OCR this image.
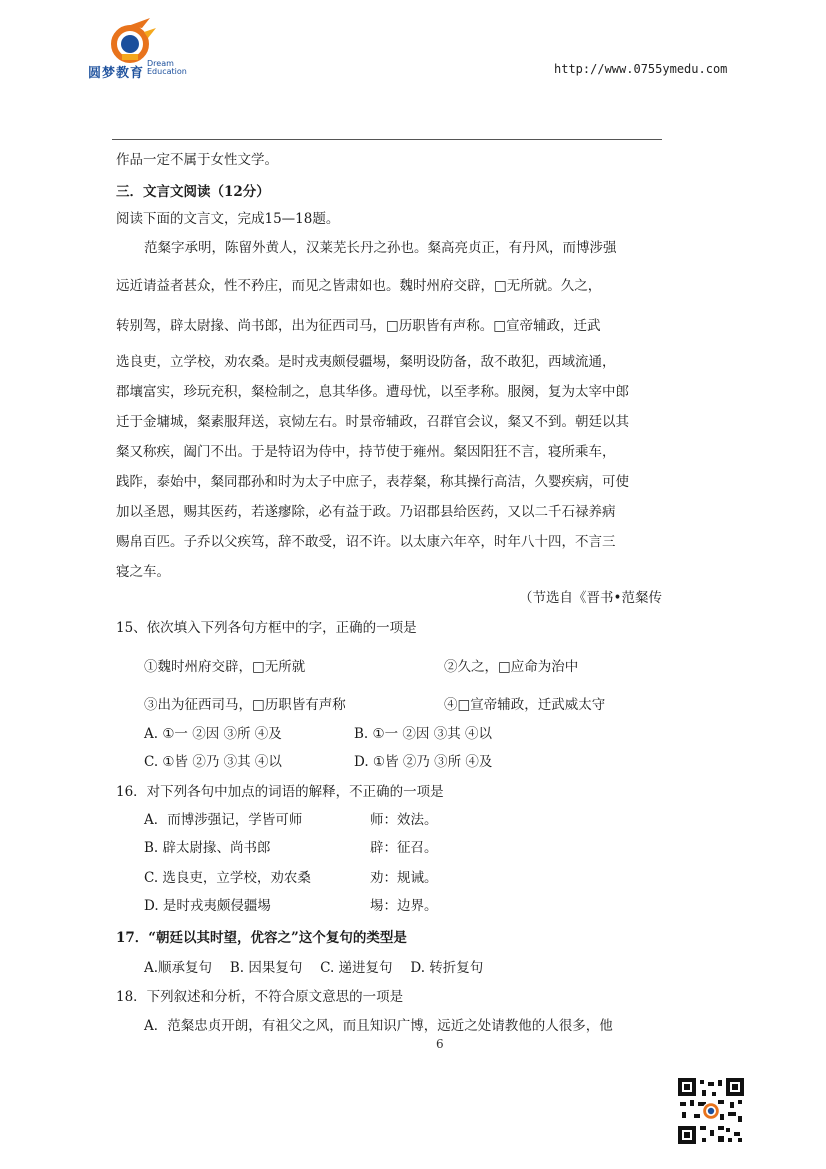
圆梦教育
Dream
Education	http://www.0755ymedu.com
作品一定不属于女性文学。
三．文言文阅读（12分）
阅读下面的文言文，完成15—18题。
范粲字承明，陈留外黄人，汉莱芜长丹之孙也。粲高亮贞正，有丹风，而博涉强
远近请益者甚众，性不矜庄，而见之皆肃如也。魏时州府交辟，□无所就。久之，
转别驾，辟太尉掾、尚书郎，出为征西司马，□历职皆有声称。□宣帝辅政，迁武
选良吏，立学校，劝农桑。是时戎夷颇侵疆埸，粲明设防备，敌不敢犯，西域流通，
郡壤富实，珍玩充积，粲检制之，息其华侈。遭母忧，以至孝称。服阕，复为太宰中郎
迁于金墉城，粲素服拜送，哀恸左右。时景帝辅政，召群官会议，粲又不到。朝廷以其
粲又称疾，阖门不出。于是特诏为侍中，持节使于雍州。粲因阳狂不言，寝所乘车，
践阼，泰始中，粲同郡孙和时为太子中庶子，表荐粲，称其操行高洁，久婴疾病，可使
加以圣恩，赐其医药，若遂瘳除，必有益于政。乃诏郡县给医药，又以二千石禄养病
赐帛百匹。子乔以父疾笃，辞不敢受，诏不许。以太康六年卒，时年八十四，不言三
寝之车。
（节选自《晋书•范粲传
15、依次填入下列各句方框中的字，正确的一项是
①魏时州府交辟，□无所就	②久之，□应命为治中
③出为征西司马，□历职皆有声称	④□宣帝辅政，迁武威太守
A. ①一 ②因 ③所 ④及	B. ①一 ②因 ③其 ④以
C. ①皆 ②乃 ③其 ④以	D. ①皆 ②乃 ③所 ④及
16．对下列各句中加点的词语的解释，不正确的一项是
A．而博涉强记，学皆可师	师：效法。
B. 辟太尉掾、尚书郎	辟：征召。
C. 选良吏，立学校，劝农桑	劝：规诫。
D. 是时戎夷颇侵疆埸	埸：边界。
17．“朝廷以其时望，优容之”这个复句的类型是
A.顺承复句　 B. 因果复句　 C. 递进复句　 D. 转折复句
18．下列叙述和分析，不符合原文意思的一项是
A．范粲忠贞开朗，有祖父之风，而且知识广博，远近之处请教他的人很多，他
6
